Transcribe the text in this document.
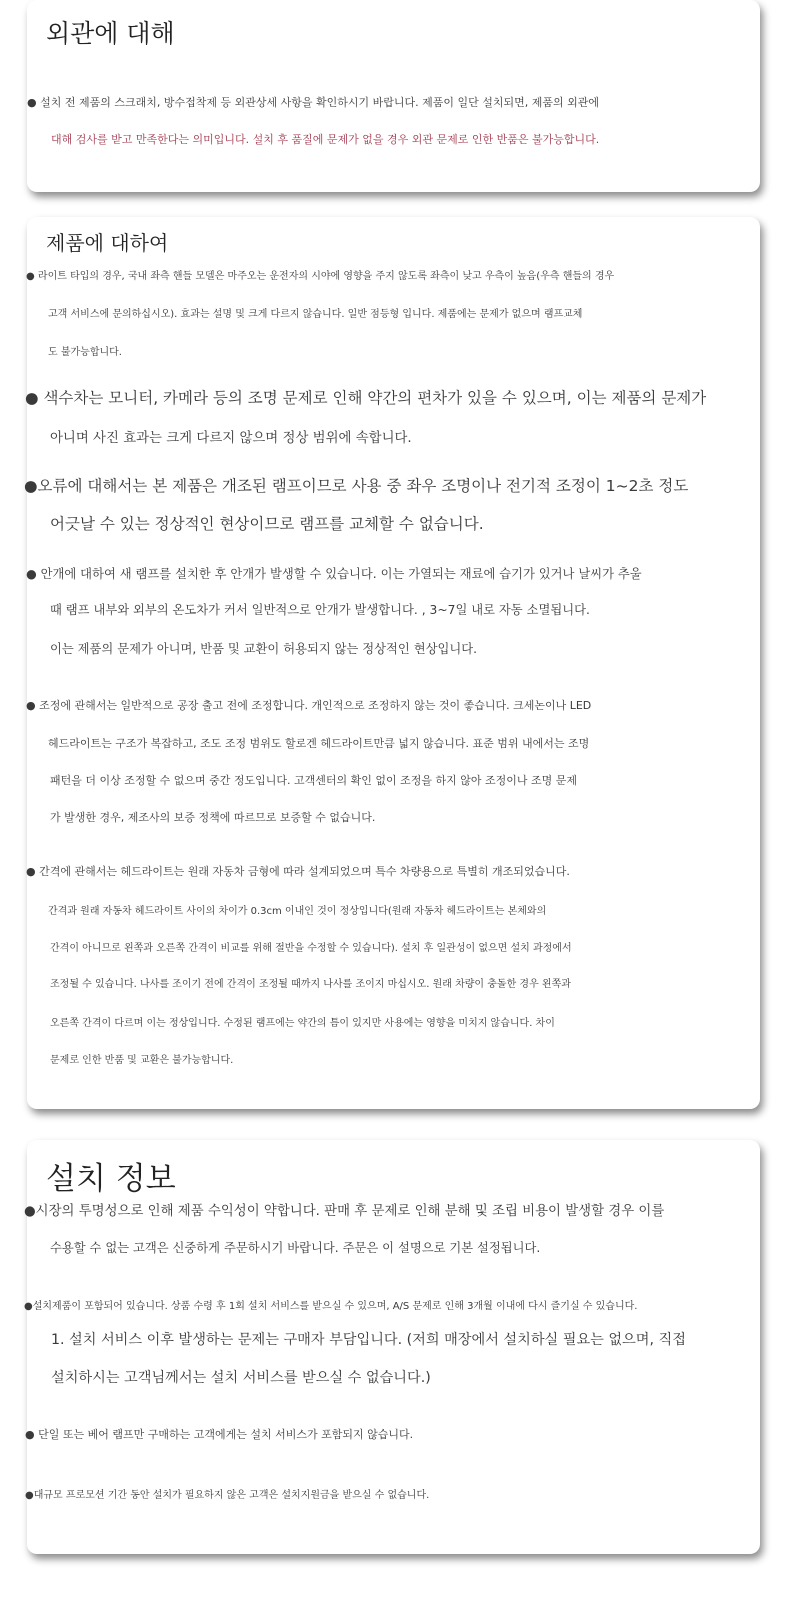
외관에 대해
● 설치 전 제품의 스크래치, 방수접착제 등 외관상세 사항을 확인하시기 바랍니다. 제품이 일단 설치되면, 제품의 외관에
대해 검사를 받고 만족한다는 의미입니다. 설치 후 품질에 문제가 없을 경우 외관 문제로 인한 반품은 불가능합니다.
제품에 대하여
● 라이트 타입의 경우, 국내 좌측 핸들 모델은 마주오는 운전자의 시야에 영향을 주지 않도록 좌측이 낮고 우측이 높음(우측 핸들의 경우
고객 서비스에 문의하십시오). 효과는 설명 및 크게 다르지 않습니다. 일반 점등형 입니다. 제품에는 문제가 없으며 램프교체
도 불가능합니다.
● 색수차는 모니터, 카메라 등의 조명 문제로 인해 약간의 편차가 있을 수 있으며, 이는 제품의 문제가
아니며 사진 효과는 크게 다르지 않으며 정상 범위에 속합니다.
●오류에 대해서는 본 제품은 개조된 램프이므로 사용 중 좌우 조명이나 전기적 조정이 1~2초 정도
어긋날 수 있는 정상적인 현상이므로 램프를 교체할 수 없습니다.
● 안개에 대하여 새 램프를 설치한 후 안개가 발생할 수 있습니다. 이는 가열되는 재료에 습기가 있거나 날씨가 추울
때 램프 내부와 외부의 온도차가 커서 일반적으로 안개가 발생합니다. , 3~7일 내로 자동 소멸됩니다.
이는 제품의 문제가 아니며, 반품 및 교환이 허용되지 않는 정상적인 현상입니다.
● 조정에 관해서는 일반적으로 공장 출고 전에 조정합니다. 개인적으로 조정하지 않는 것이 좋습니다. 크세논이나 LED
헤드라이트는 구조가 복잡하고, 조도 조정 범위도 할로겐 헤드라이트만큼 넓지 않습니다. 표준 범위 내에서는 조명
패턴을 더 이상 조정할 수 없으며 중간 정도입니다. 고객센터의 확인 없이 조정을 하지 않아 조정이나 조명 문제
가 발생한 경우, 제조사의 보증 정책에 따르므로 보증할 수 없습니다.
● 간격에 관해서는 헤드라이트는 원래 자동차 금형에 따라 설계되었으며 특수 차량용으로 특별히 개조되었습니다.
간격과 원래 자동차 헤드라이트 사이의 차이가 0.3cm 이내인 것이 정상입니다(원래 자동차 헤드라이트는 본체와의
간격이 아니므로 왼쪽과 오른쪽 간격이 비교를 위해 절반을 수정할 수 있습니다). 설치 후 일관성이 없으면 설치 과정에서
조정될 수 있습니다. 나사를 조이기 전에 간격이 조정될 때까지 나사를 조이지 마십시오. 원래 차량이 충돌한 경우 왼쪽과
오른쪽 간격이 다르며 이는 정상입니다. 수정된 램프에는 약간의 틈이 있지만 사용에는 영향을 미치지 않습니다. 차이
문제로 인한 반품 및 교환은 불가능합니다.
설치 정보
●시장의 투명성으로 인해 제품 수익성이 약합니다. 판매 후 문제로 인해 분해 및 조립 비용이 발생할 경우 이를
수용할 수 없는 고객은 신중하게 주문하시기 바랍니다. 주문은 이 설명으로 기본 설정됩니다.
●설치제품이 포함되어 있습니다. 상품 수령 후 1회 설치 서비스를 받으실 수 있으며, A/S 문제로 인해 3개월 이내에 다시 즐기실 수 있습니다.
1. 설치 서비스 이후 발생하는 문제는 구매자 부담입니다. (저희 매장에서 설치하실 필요는 없으며, 직접
설치하시는 고객님께서는 설치 서비스를 받으실 수 없습니다.)
● 단일 또는 베어 램프만 구매하는 고객에게는 설치 서비스가 포함되지 않습니다.
●대규모 프로모션 기간 동안 설치가 필요하지 않은 고객은 설치지원금을 받으실 수 없습니다.
